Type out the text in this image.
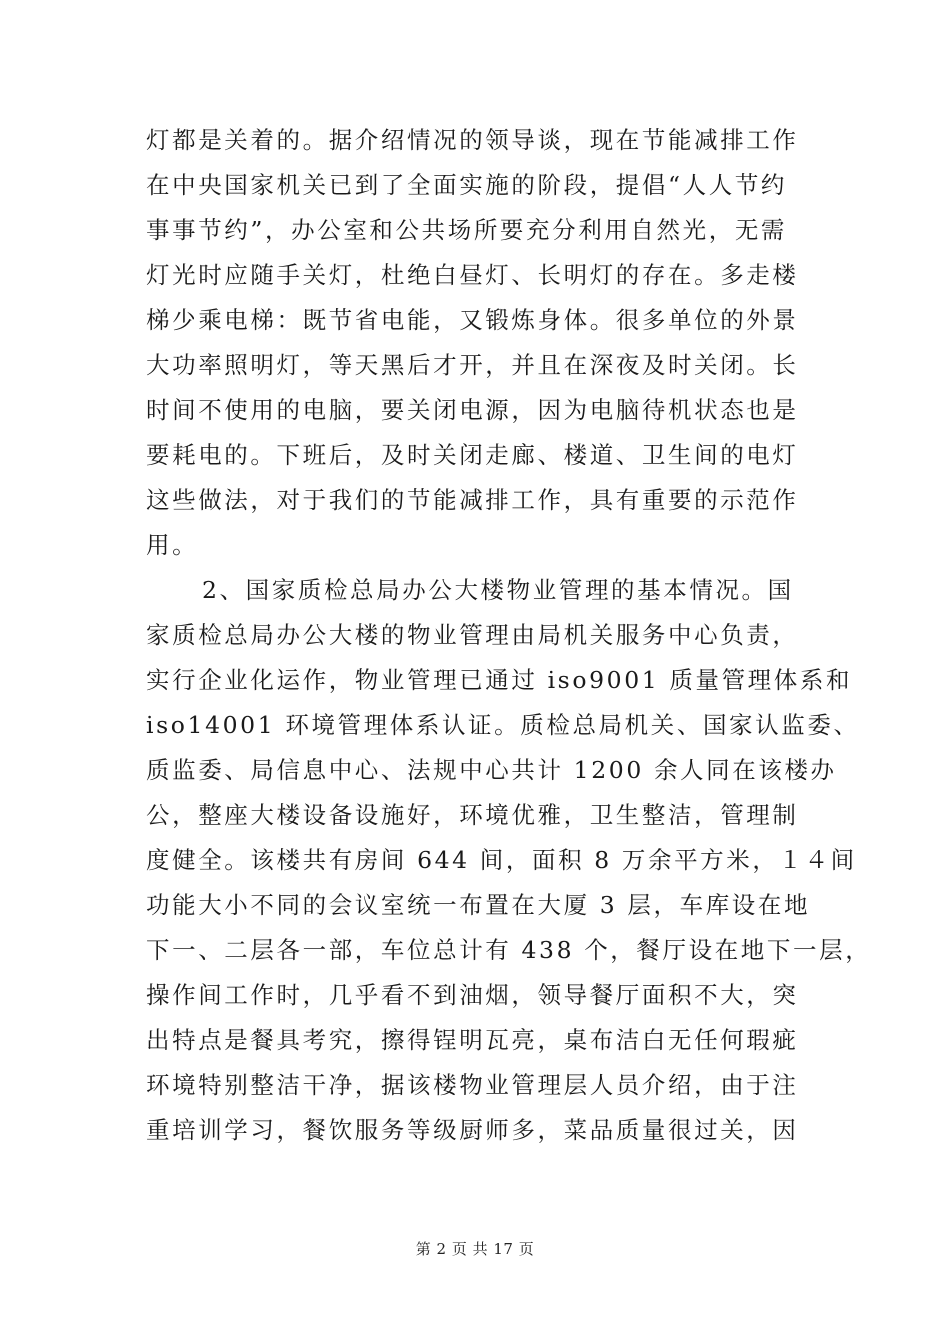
灯都是关着的。据介绍情况的领导谈，现在节能减排工作
在中央国家机关已到了全面实施的阶段，提倡“人人节约
事事节约”，办公室和公共场所要充分利用自然光，无需
灯光时应随手关灯，杜绝白昼灯、长明灯的存在。多走楼
梯少乘电梯：既节省电能，又锻炼身体。很多单位的外景
大功率照明灯，等天黑后才开，并且在深夜及时关闭。长
时间不使用的电脑，要关闭电源，因为电脑待机状态也是
要耗电的。下班后，及时关闭走廊、楼道、卫生间的电灯
这些做法，对于我们的节能减排工作，具有重要的示范作
用。
2、国家质检总局办公大楼物业管理的基本情况。国
家质检总局办公大楼的物业管理由局机关服务中心负责，
实行企业化运作，物业管理已通过 iso9001 质量管理体系和
iso14001 环境管理体系认证。质检总局机关、国家认监委、
质监委、局信息中心、法规中心共计 1200 余人同在该楼办
公，整座大楼设备设施好，环境优雅，卫生整洁，管理制
度健全。该楼共有房间 644 间，面积 8 万余平方米，１４间
功能大小不同的会议室统一布置在大厦 3 层，车库设在地
下一、二层各一部，车位总计有 438 个，餐厅设在地下一层，
操作间工作时，几乎看不到油烟，领导餐厅面积不大，突
出特点是餐具考究，擦得锃明瓦亮，桌布洁白无任何瑕疵
环境特别整洁干净，据该楼物业管理层人员介绍，由于注
重培训学习，餐饮服务等级厨师多，菜品质量很过关，因
第 2 页 共 17 页
